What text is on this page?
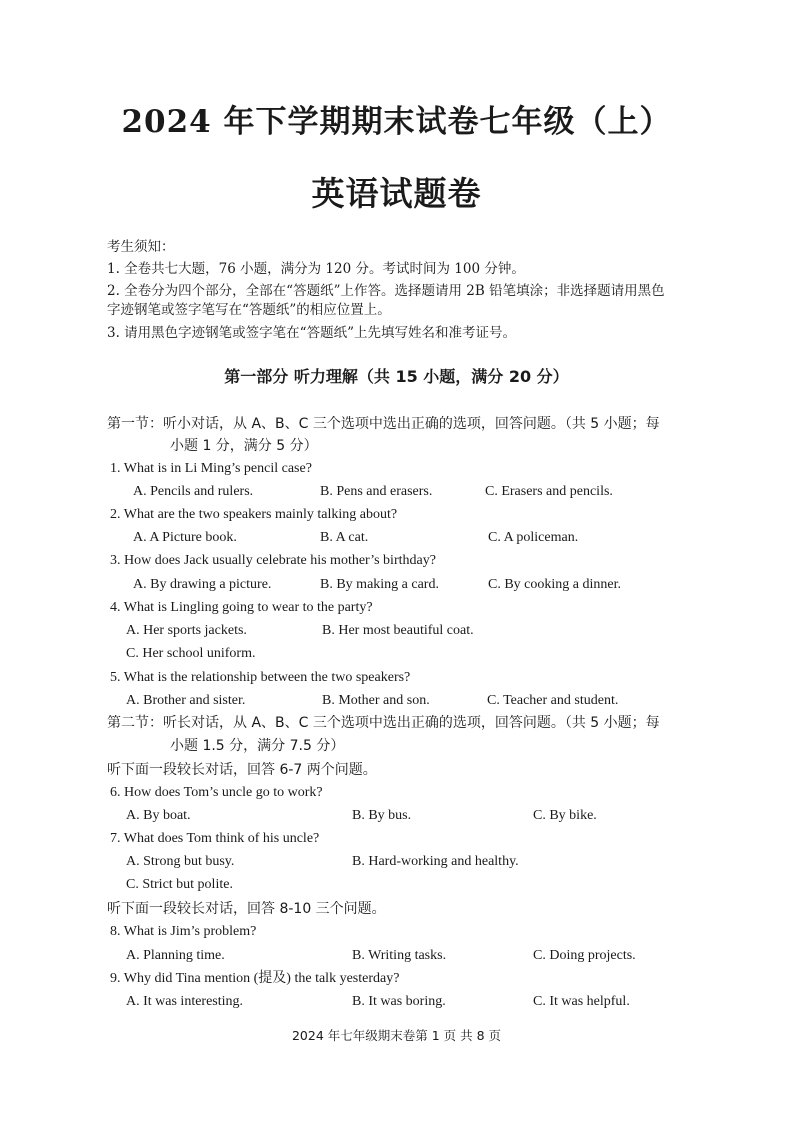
2024 年下学期期末试卷七年级（上）
英语试题卷
考生须知：
1. 全卷共七大题，76 小题，满分为 120 分。考试时间为 100 分钟。
2. 全卷分为四个部分，全部在“答题纸”上作答。选择题请用 2B 铅笔填涂；非选择题请用黑色
字迹钢笔或签字笔写在“答题纸”的相应位置上。
3. 请用黑色字迹钢笔或签字笔在“答题纸”上先填写姓名和准考证号。
第一部分 听力理解（共 15 小题，满分 20 分）
第一节：听小对话，从 A、B、C 三个选项中选出正确的选项，回答问题。（共 5 小题；每
小题 1 分，满分 5 分）
1. What is in Li Ming’s pencil case?
A. Pencils and rulers.	B. Pens and erasers.	C. Erasers and pencils.
2. What are the two speakers mainly talking about?
A. A Picture book.	B. A cat.	C. A policeman.
3. How does Jack usually celebrate his mother’s birthday?
A. By drawing a picture.	B. By making a card.	C. By cooking a dinner.
4. What is Lingling going to wear to the party?
A. Her sports jackets.	B. Her most beautiful coat.
C. Her school uniform.
5. What is the relationship between the two speakers?
A. Brother and sister.	B. Mother and son.	C. Teacher and student.
第二节：听长对话，从 A、B、C 三个选项中选出正确的选项，回答问题。（共 5 小题；每
小题 1.5 分，满分 7.5 分）
听下面一段较长对话，回答 6-7 两个问题。
6. How does Tom’s uncle go to work?
A. By boat.	B. By bus.	C. By bike.
7. What does Tom think of his uncle?
A. Strong but busy.	B. Hard-working and healthy.
C. Strict but polite.
听下面一段较长对话，回答 8-10 三个问题。
8. What is Jim’s problem?
A. Planning time.	B. Writing tasks.	C. Doing projects.
9. Why did Tina mention (提及) the talk yesterday?
A. It was interesting.	B. It was boring.	C. It was helpful.
2024 年七年级期末卷第 1 页 共 8 页
